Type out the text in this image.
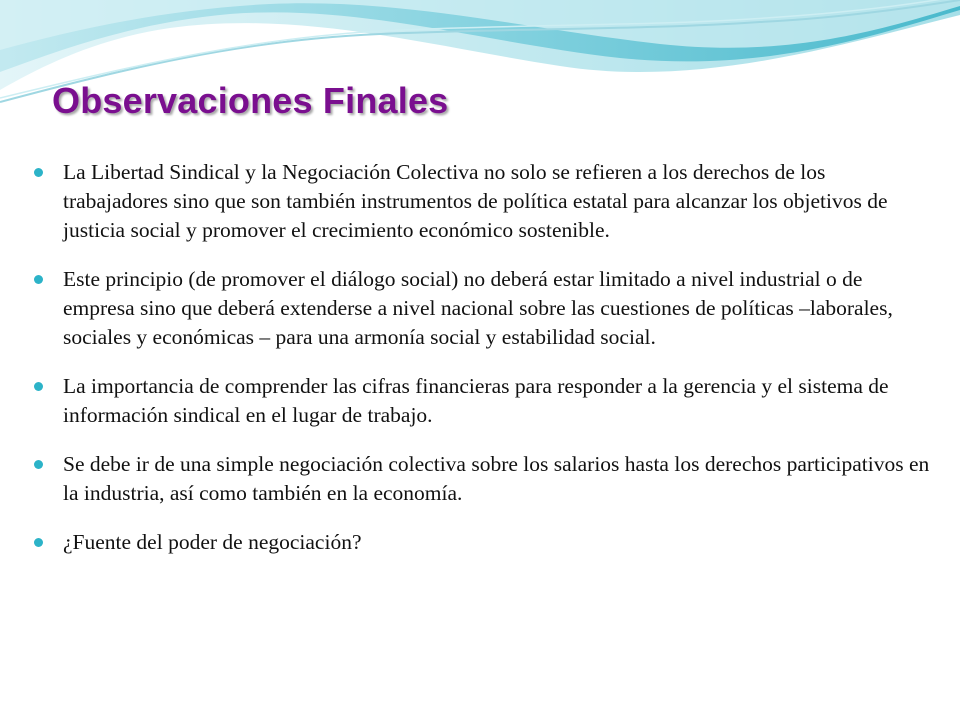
Observaciones Finales
La Libertad Sindical y la Negociación Colectiva no solo se refieren a los derechos de los trabajadores sino que son también instrumentos de política estatal para alcanzar los objetivos de justicia social y promover el crecimiento económico sostenible.
Este principio (de promover el diálogo social) no deberá estar limitado a nivel industrial o de empresa sino que deberá extenderse a nivel nacional sobre las cuestiones de políticas –laborales, sociales y económicas – para una armonía social y estabilidad social.
La importancia de comprender las cifras financieras para responder a la gerencia y el sistema de información sindical en el lugar de trabajo.
Se debe ir de una simple negociación colectiva sobre los salarios hasta los derechos participativos en la industria, así como también en la economía.
¿Fuente del poder de negociación?
